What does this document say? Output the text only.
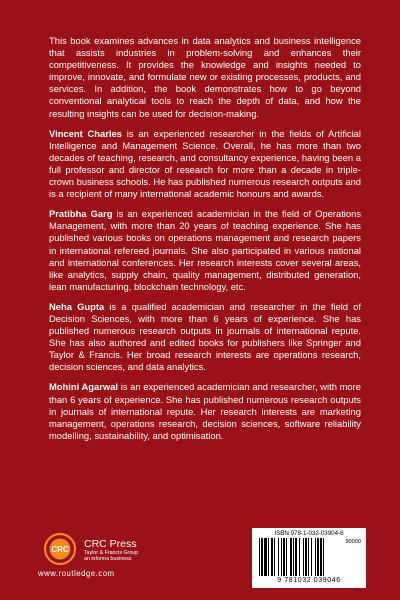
This book examines advances in data analytics and business intelligence that assists industries in problem-solving and enhances their competitiveness. It provides the knowledge and insights needed to improve, innovate, and formulate new or existing processes, products, and services. In addition, the book demonstrates how to go beyond conventional analytical tools to reach the depth of data, and how the resulting insights can be used for decision-making.

Vincent Charles is an experienced researcher in the fields of Artificial Intelligence and Management Science. Overall, he has more than two decades of teaching, research, and consultancy experience, having been a full professor and director of research for more than a decade in triple-crown business schools. He has published numerous research outputs and is a recipient of many international academic honours and awards.

Pratibha Garg is an experienced academician in the field of Operations Management, with more than 20 years of teaching experience. She has published various books on operations management and research papers in international refereed journals. She also participated in various national and international conferences. Her research interests cover several areas, like analytics, supply chain, quality management, distributed generation, lean manufacturing, blockchain technology, etc.

Neha Gupta is a qualified academician and researcher in the field of Decision Sciences, with more than 6 years of experience. She has published numerous research outputs in journals of international repute. She has also authored and edited books for publishers like Springer and Taylor & Francis. Her broad research interests are operations research, decision sciences, and data analytics.

Mohini Agarwal is an experienced academician and researcher, with more than 6 years of experience. She has published numerous research outputs in journals of international repute. Her research interests are marketing management, operations research, decision sciences, software reliability modelling, sustainability, and optimisation.

CRC CRC Press
Taylor & Francis Group
an informa business
www.routledge.com
ISBN 978-1-032-03904-6
90000
9 781032 039046
